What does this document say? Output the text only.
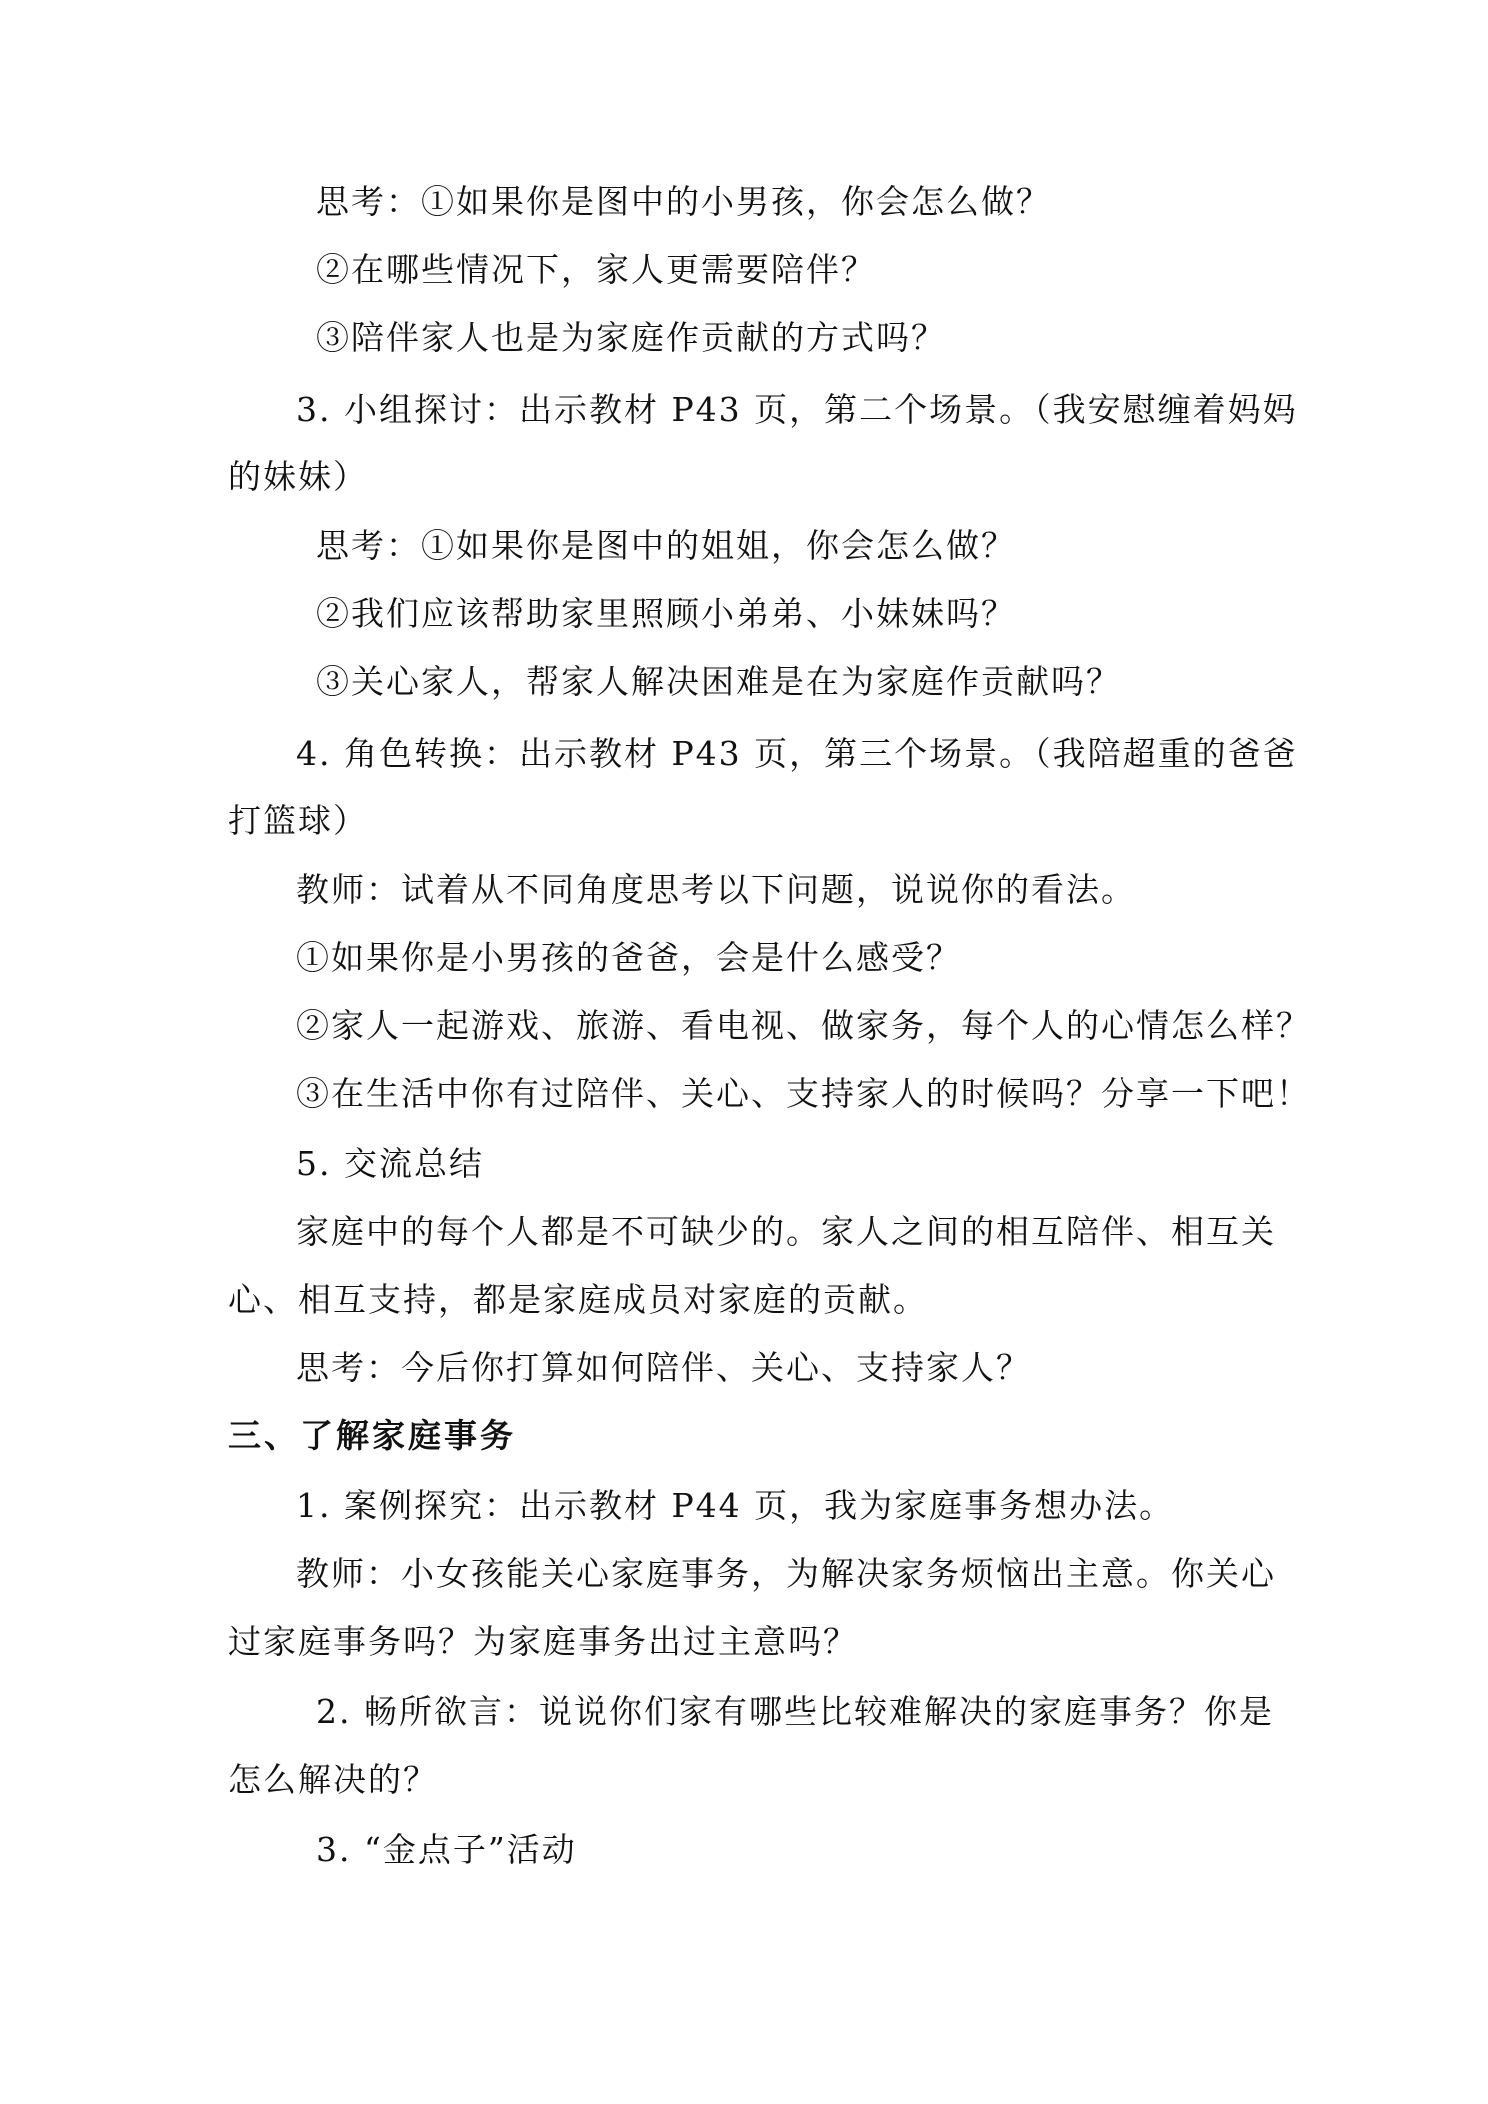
思考：①如果你是图中的小男孩，你会怎么做？
②在哪些情况下，家人更需要陪伴？
③陪伴家人也是为家庭作贡献的方式吗？
3. 小组探讨：出示教材 P43 页，第二个场景。（我安慰缠着妈妈
的妹妹）
思考：①如果你是图中的姐姐，你会怎么做？
②我们应该帮助家里照顾小弟弟、小妹妹吗？
③关心家人，帮家人解决困难是在为家庭作贡献吗？
4. 角色转换：出示教材 P43 页，第三个场景。（我陪超重的爸爸
打篮球）
教师：试着从不同角度思考以下问题，说说你的看法。
①如果你是小男孩的爸爸，会是什么感受？
②家人一起游戏、旅游、看电视、做家务，每个人的心情怎么样？
③在生活中你有过陪伴、关心、支持家人的时候吗？分享一下吧！
5. 交流总结
家庭中的每个人都是不可缺少的。家人之间的相互陪伴、相互关
心、相互支持，都是家庭成员对家庭的贡献。
思考：今后你打算如何陪伴、关心、支持家人？
三、了解家庭事务
1. 案例探究：出示教材 P44 页，我为家庭事务想办法。
教师：小女孩能关心家庭事务，为解决家务烦恼出主意。你关心
过家庭事务吗？为家庭事务出过主意吗？
2. 畅所欲言：说说你们家有哪些比较难解决的家庭事务？你是
怎么解决的？
3. “金点子”活动
